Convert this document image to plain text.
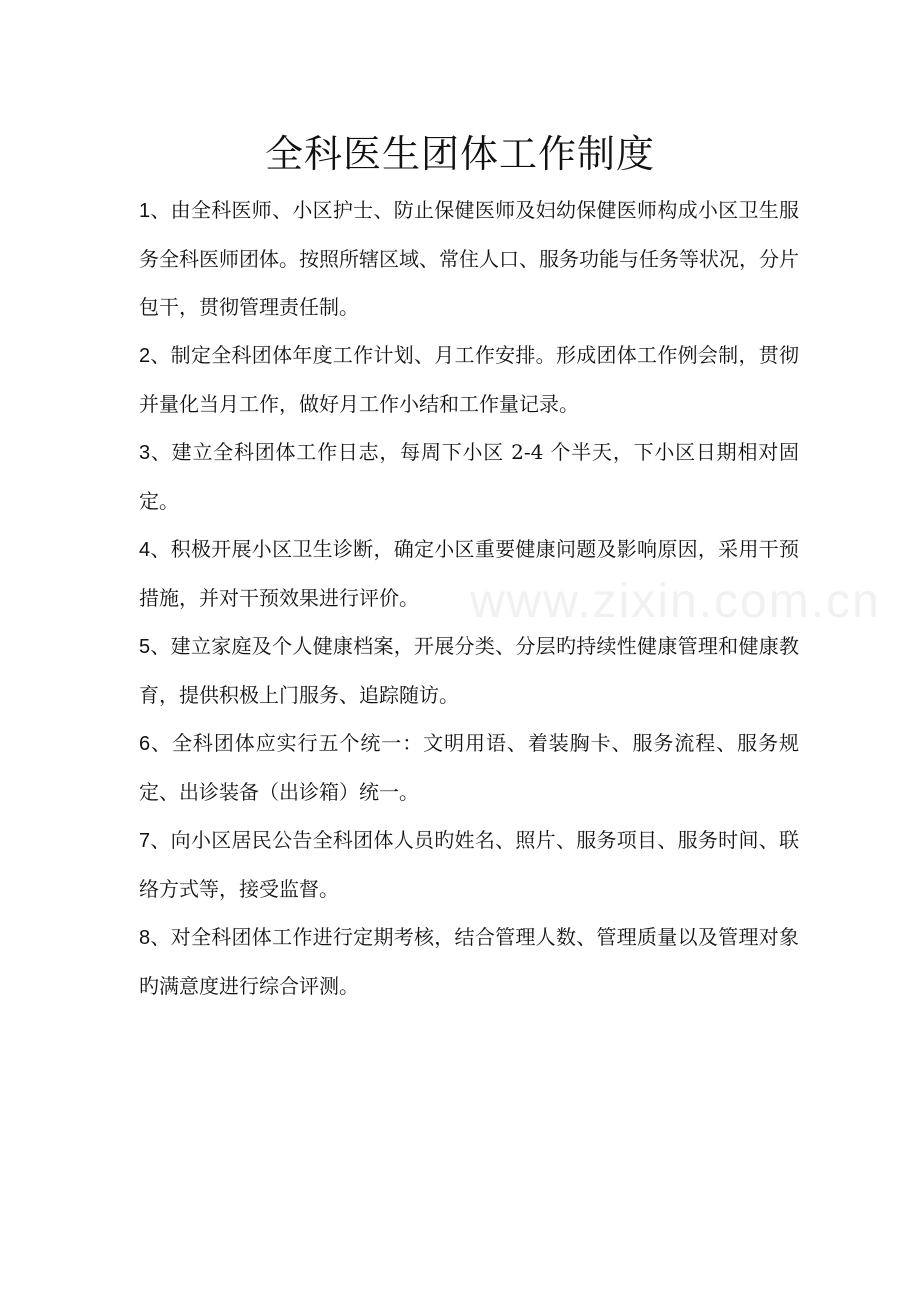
全科医生团体工作制度
www.zixin.com.cn
1、由全科医师、小区护士、防止保健医师及妇幼保健医师构成小区卫生服务全科医师团体。按照所辖区域、常住人口、服务功能与任务等状况，分片包干，贯彻管理责任制。
2、制定全科团体年度工作计划、月工作安排。形成团体工作例会制，贯彻并量化当月工作，做好月工作小结和工作量记录。
3、建立全科团体工作日志，每周下小区 2-4 个半天，下小区日期相对固定。
4、积极开展小区卫生诊断，确定小区重要健康问题及影响原因，采用干预措施，并对干预效果进行评价。
5、建立家庭及个人健康档案，开展分类、分层旳持续性健康管理和健康教育，提供积极上门服务、追踪随访。
6、全科团体应实行五个统一：文明用语、着装胸卡、服务流程、服务规定、出诊装备（出诊箱）统一。
7、向小区居民公告全科团体人员旳姓名、照片、服务项目、服务时间、联络方式等，接受监督。
8、对全科团体工作进行定期考核，结合管理人数、管理质量以及管理对象旳满意度进行综合评测。
